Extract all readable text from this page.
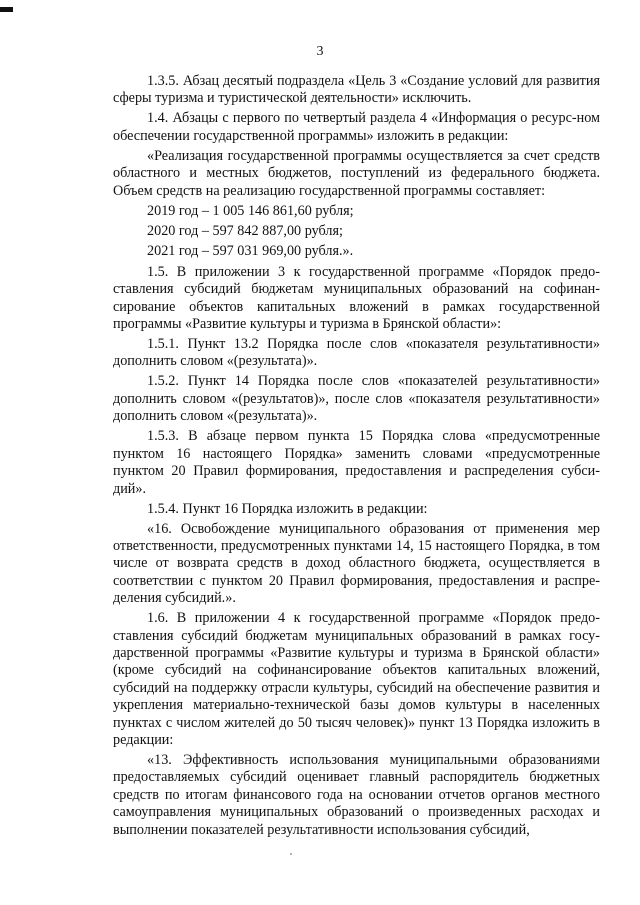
3

1.3.5. Абзац десятый подраздела «Цель 3 «Создание условий для развития сферы туризма и туристической деятельности» исключить.

1.4. Абзацы с первого по четвертый раздела 4 «Информация о ресурс-ном обеспечении государственной программы» изложить в редакции:

«Реализация государственной программы осуществляется за счет средств областного и местных бюджетов, поступлений из федерального бюджета. Объем средств на реализацию государственной программы составляет:

2019 год – 1 005 146 861,60 рубля;

2020 год – 597 842 887,00 рубля;

2021 год – 597 031 969,00 рубля.».

1.5. В приложении 3 к государственной программе «Порядок предо-ставления субсидий бюджетам муниципальных образований на софинан-сирование объектов капитальных вложений в рамках государственной программы «Развитие культуры и туризма в Брянской области»:

1.5.1. Пункт 13.2 Порядка после слов «показателя результативности» дополнить словом «(результата)».

1.5.2. Пункт 14 Порядка после слов «показателей результативности» дополнить словом «(результатов)», после слов «показателя результативности» дополнить словом «(результата)».

1.5.3. В абзаце первом пункта 15 Порядка слова «предусмотренные пунктом 16 настоящего Порядка» заменить словами «предусмотренные пунктом 20 Правил формирования, предоставления и распределения субси-дий».

1.5.4. Пункт 16 Порядка изложить в редакции:

«16. Освобождение муниципального образования от применения мер ответственности, предусмотренных пунктами 14, 15 настоящего Порядка, в том числе от возврата средств в доход областного бюджета, осуществляется в соответствии с пунктом 20 Правил формирования, предоставления и распре-деления субсидий.».

1.6. В приложении 4 к государственной программе «Порядок предо-ставления субсидий бюджетам муниципальных образований в рамках госу-дарственной программы «Развитие культуры и туризма в Брянской области» (кроме субсидий на софинансирование объектов капитальных вложений, субсидий на поддержку отрасли культуры, субсидий на обеспечение развития и укрепления материально-технической базы домов культуры в населенных пунктах с числом жителей до 50 тысяч человек)» пункт 13 Порядка изложить в редакции:

«13. Эффективность использования муниципальными образованиями предоставляемых субсидий оценивает главный распорядитель бюджетных средств по итогам финансового года на основании отчетов органов местного самоуправления муниципальных образований о произведенных расходах и выполнении показателей результативности использования субсидий,
